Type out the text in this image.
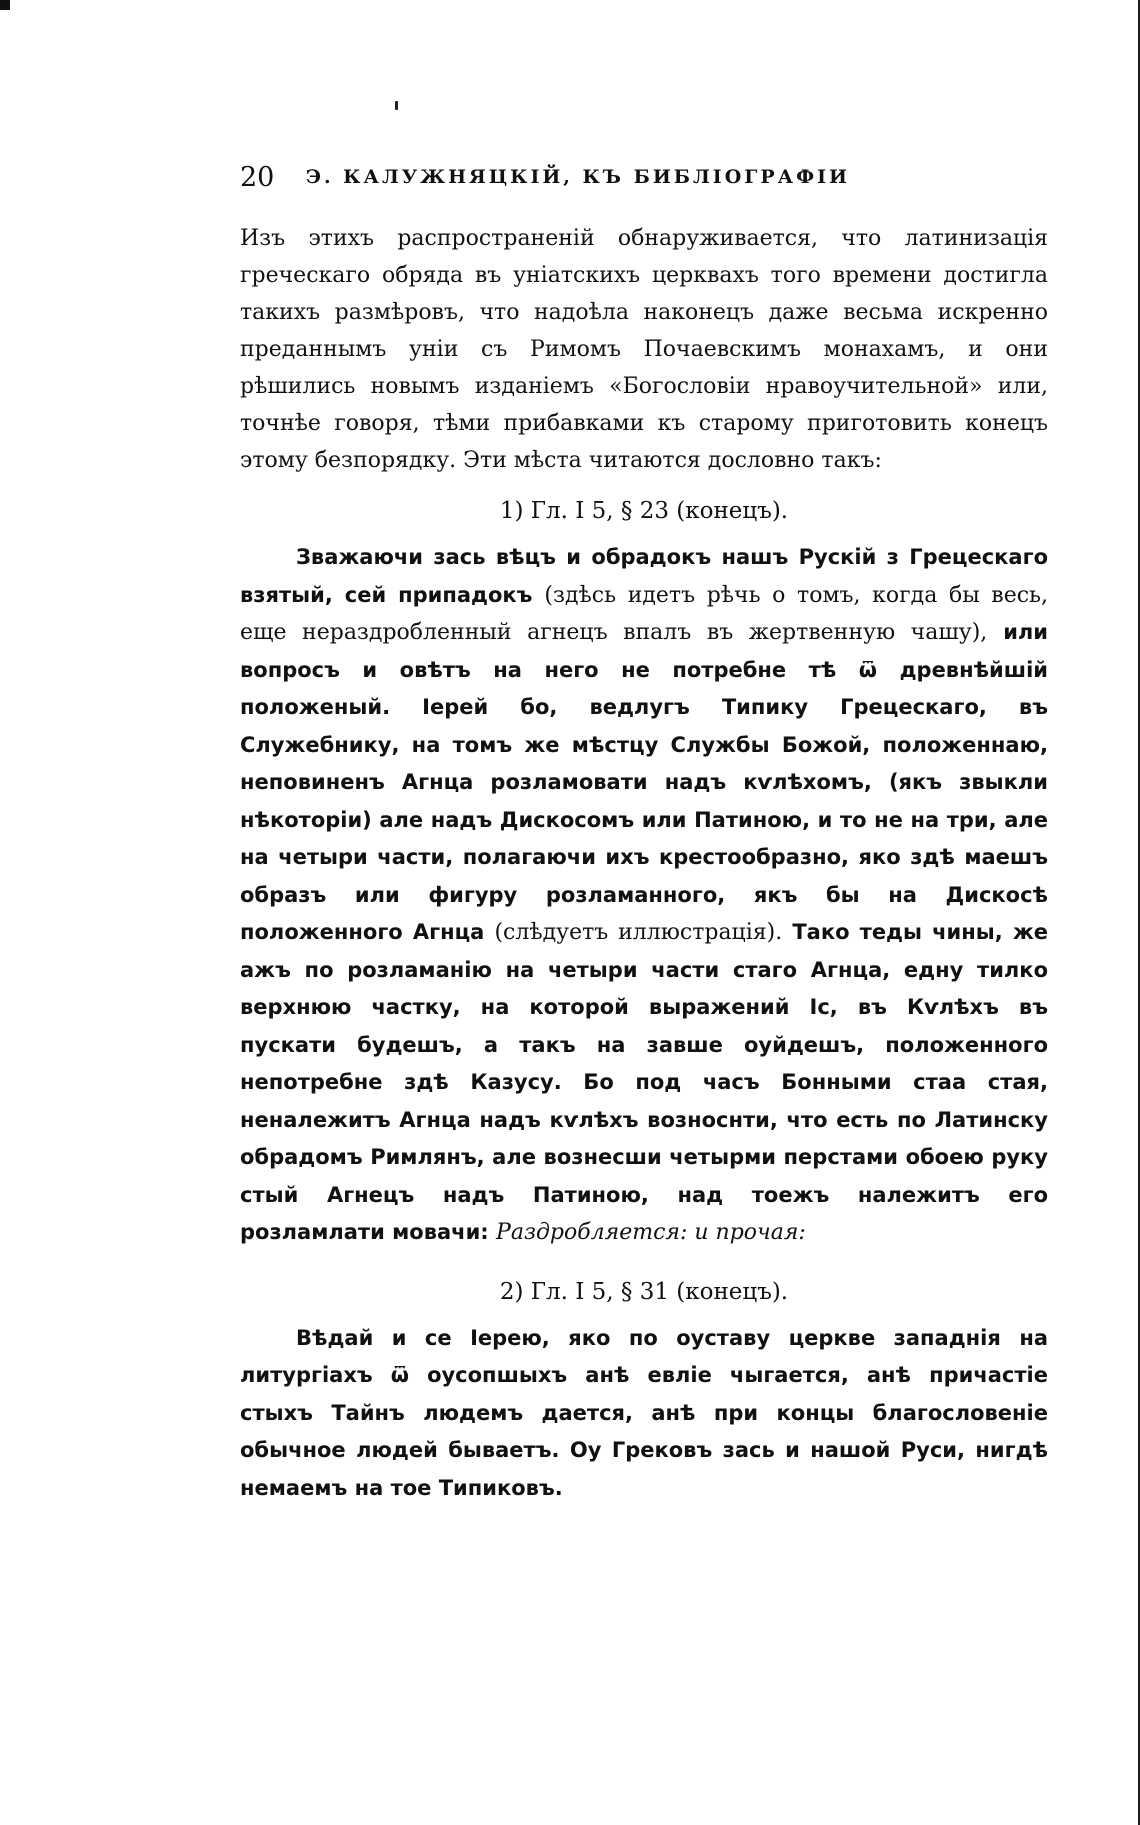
20 Э. КАЛУЖНЯЦКІЙ, КЪ БИБЛІОГРАФІИ

Изъ этихъ распространеній обнаруживается, что латинизація греческаго обряда въ уніатскихъ церквахъ того времени достигла такихъ размѣровъ, что надоѣла наконецъ даже весьма искренно преданнымъ уніи съ Римомъ Почаевскимъ монахамъ, и они рѣшились новымъ изданіемъ «Богословіи нравоучительной» или, точнѣе говоря, тѣми прибавками къ старому приготовить конецъ этому безпорядку. Эти мѣста читаются дословно такъ:

1) Гл. I 5, § 23 (конецъ).

Зважаючи зась вѣцъ и обрадокъ нашъ Рускій з Грецескаго взятый, сей припадокъ (здѣсь идетъ рѣчь о томъ, когда бы весь, еще нераздробленный агнецъ впалъ въ жертвенную чашу), или вопросъ и овѣтъ на него не потребне тѣ ѿ древнѣйшій положеный. Іерей бо, ведлугъ Типику Грецескаго, въ Служебнику, на томъ же мѣстцу Службы Божой, положеннаю, неповиненъ Агнца розламовати надъ кѵлѣхомъ, (якъ звыкли нѣкоторіи) але надъ Дискосомъ или Патиною, и то не на три, але на четыри части, полагаючи ихъ крестообразно, яко здѣ маешъ образъ или фигуру розламанного, якъ бы на Дискосѣ положенного Агнца (слѣдуетъ иллюстрація). Тако теды чины, же ажъ по розламанію на четыри части стаго Агнца, едну тилко верхнюю частку, на которой выражений Іс, въ Кѵлѣхъ въ пускати будешъ, а такъ на завше оуйдешъ, положенного непотребне здѣ Казусу. Бо под часъ Бонными стаа стая, неналежитъ Агнца надъ кѵлѣхъ возноснти, что есть по Латинску обрадомъ Римлянъ, але вознесши четырми перстами обоею руку стый Агнецъ надъ Патиною, над тоежъ належитъ его розламлати мовачи: Раздробляется: и прочая:

2) Гл. I 5, § 31 (конецъ).

Вѣдай и се Іерею, яко по оуставу церкве западнія на литургіахъ ѿ оусопшыхъ анѣ евліе чыгается, анѣ причастіе стыхъ Тайнъ людемъ дается, анѣ при концы благословеніе обычное людей бываетъ. Оу Грековъ зась и нашой Руси, нигдѣ немаемъ на тое Типиковъ.
